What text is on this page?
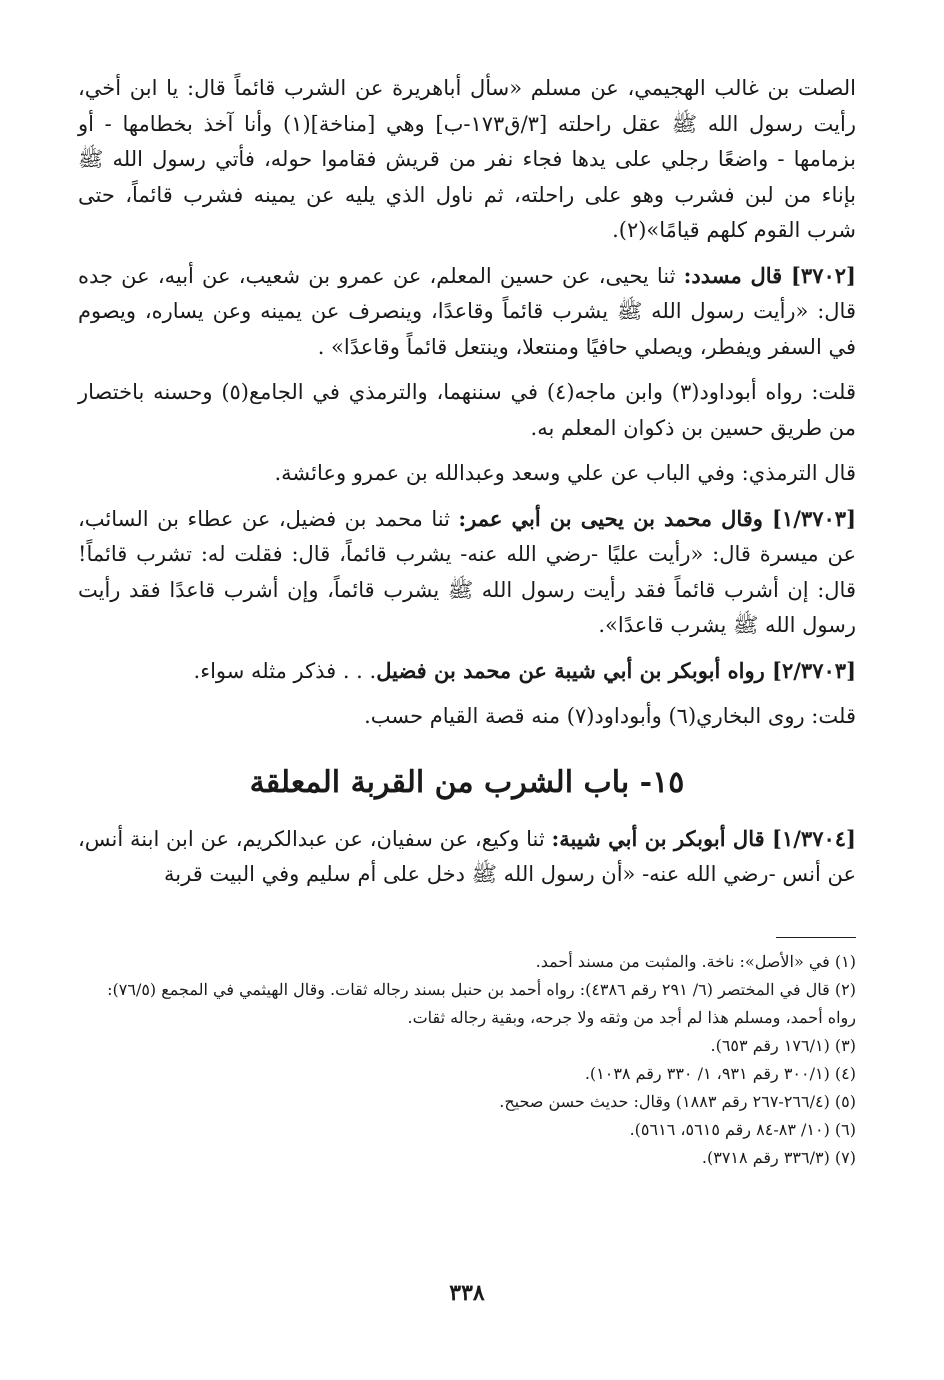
الصلت بن غالب الهجيمي، عن مسلم «سأل أباهريرة عن الشرب قائماً قال: يا ابن أخي، رأيت رسول الله ﷺ عقل راحلته [٣/ق١٧٣-ب] وهي [مناخة](١) وأنا آخذ بخطامها - أو بزمامها - واضعًا رجلي على يدها فجاء نفر من قريش فقاموا حوله، فأتي رسول الله ﷺ بإناء من لبن فشرب وهو على راحلته، ثم ناول الذي يليه عن يمينه فشرب قائماً، حتى شرب القوم كلهم قيامًا»(٢).

[٣٧٠٢] قال مسدد: ثنا يحيى، عن حسين المعلم، عن عمرو بن شعيب، عن أبيه، عن جده قال: «رأيت رسول الله ﷺ يشرب قائماً وقاعدًا، وينصرف عن يمينه وعن يساره، ويصوم في السفر ويفطر، ويصلي حافيًا ومنتعلا، وينتعل قائماً وقاعدًا» .

قلت: رواه أبوداود(٣) وابن ماجه(٤) في سننهما، والترمذي في الجامع(٥) وحسنه باختصار من طريق حسين بن ذكوان المعلم به.

قال الترمذي: وفي الباب عن علي وسعد وعبدالله بن عمرو وعائشة.

[١/٣٧٠٣] وقال محمد بن يحيى بن أبي عمر: ثنا محمد بن فضيل، عن عطاء بن السائب، عن ميسرة قال: «رأيت عليًا -رضي الله عنه- يشرب قائماً، قال: فقلت له: تشرب قائماً! قال: إن أشرب قائماً فقد رأيت رسول الله ﷺ يشرب قائماً، وإن أشرب قاعدًا فقد رأيت رسول الله ﷺ يشرب قاعدًا».

[٢/٣٧٠٣] رواه أبوبكر بن أبي شيبة عن محمد بن فضيل. . . فذكر مثله سواء.

قلت: روى البخاري(٦) وأبوداود(٧) منه قصة القيام حسب.

١٥- باب الشرب من القربة المعلقة

[١/٣٧٠٤] قال أبوبكر بن أبي شيبة: ثنا وكيع، عن سفيان، عن عبدالكريم، عن ابن ابنة أنس، عن أنس -رضي الله عنه- «أن رسول الله ﷺ دخل على أم سليم وفي البيت قربة

(١) في «الأصل»: ناخة. والمثبت من مسند أحمد.
(٢) قال في المختصر (٦/ ٢٩١ رقم ٤٣٨٦): رواه أحمد بن حنبل بسند رجاله ثقات. وقال الهيثمي في المجمع (٧٦/٥): رواه أحمد، ومسلم هذا لم أجد من وثقه ولا جرحه، وبقية رجاله ثقات.
(٣) (١٧٦/١ رقم ٦٥٣).
(٤) (٣٠٠/١ رقم ٩٣١، ١/ ٣٣٠ رقم ١٠٣٨).
(٥) (٢٦٦/٤-٢٦٧ رقم ١٨٨٣) وقال: حديث حسن صحيح.
(٦) (١٠/ ٨٣-٨٤ رقم ٥٦١٥، ٥٦١٦).
(٧) (٣٣٦/٣ رقم ٣٧١٨).
٣٣٨
